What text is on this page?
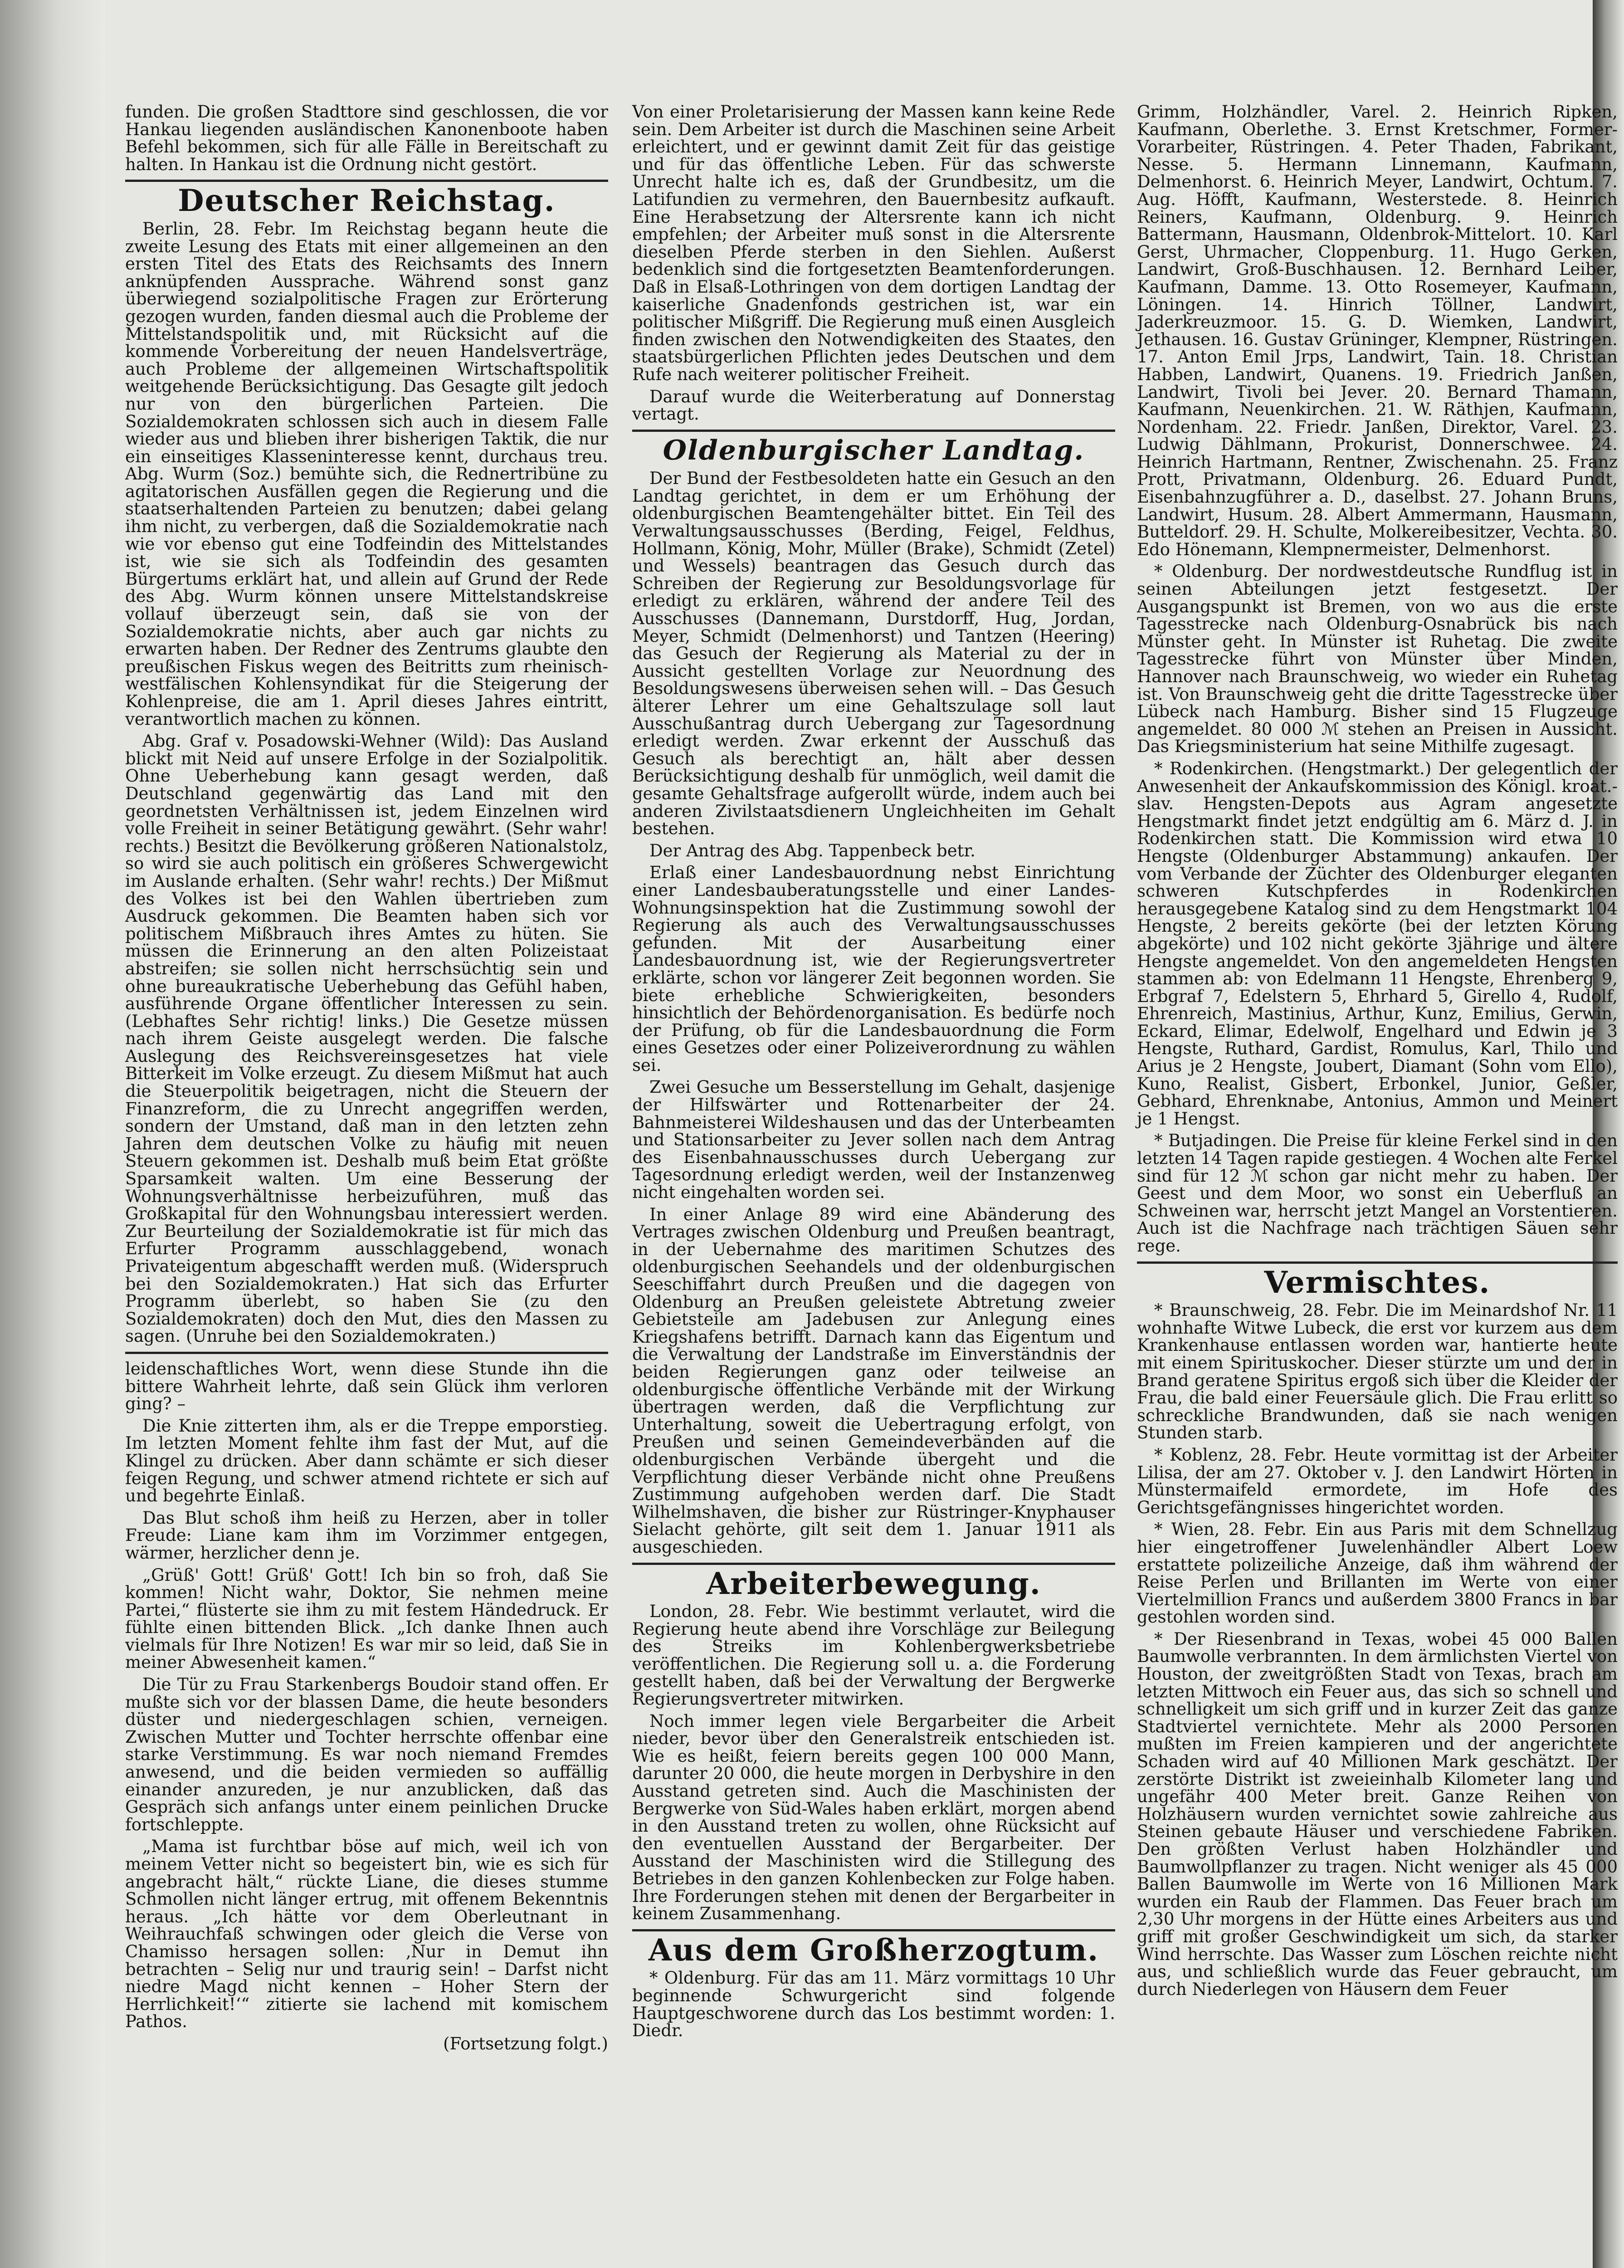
funden. Die großen Stadttore sind geschlossen, die vor Hankau liegenden ausländischen Kanonenboote haben Befehl bekommen, sich für alle Fälle in Bereitschaft zu halten. In Hankau ist die Ordnung nicht gestört.

Deutscher Reichstag.

Berlin, 28. Febr. Im Reichstag begann heute die zweite Lesung des Etats mit einer allgemeinen an den ersten Titel des Etats des Reichsamts des Innern anknüpfenden Aussprache. Während sonst ganz überwiegend sozialpolitische Fragen zur Erörterung gezogen wurden, fanden diesmal auch die Probleme der Mittelstandspolitik und, mit Rücksicht auf die kommende Vorbereitung der neuen Handelsverträge, auch Probleme der allgemeinen Wirtschaftspolitik weitgehende Berücksichtigung. Das Gesagte gilt jedoch nur von den bürgerlichen Parteien. Die Sozialdemokraten schlossen sich auch in diesem Falle wieder aus und blieben ihrer bisherigen Taktik, die nur ein einseitiges Klasseninteresse kennt, durchaus treu. Abg. Wurm (Soz.) bemühte sich, die Rednertribüne zu agitatorischen Ausfällen gegen die Regierung und die staatserhaltenden Parteien zu benutzen; dabei gelang ihm nicht, zu verbergen, daß die Sozialdemokratie nach wie vor ebenso gut eine Todfeindin des Mittelstandes ist, wie sie sich als Todfeindin des gesamten Bürgertums erklärt hat, und allein auf Grund der Rede des Abg. Wurm können unsere Mittelstandskreise vollauf überzeugt sein, daß sie von der Sozialdemokratie nichts, aber auch gar nichts zu erwarten haben. Der Redner des Zentrums glaubte den preußischen Fiskus wegen des Beitritts zum rheinisch-westfälischen Kohlensyndikat für die Steigerung der Kohlenpreise, die am 1. April dieses Jahres eintritt, verantwortlich machen zu können.

Abg. Graf v. Posadowski-Wehner (Wild): Das Ausland blickt mit Neid auf unsere Erfolge in der Sozialpolitik. Ohne Ueberhebung kann gesagt werden, daß Deutschland gegenwärtig das Land mit den geordnetsten Verhältnissen ist, jedem Einzelnen wird volle Freiheit in seiner Betätigung gewährt. (Sehr wahr! rechts.) Besitzt die Bevölkerung größeren Nationalstolz, so wird sie auch politisch ein größeres Schwergewicht im Auslande erhalten. (Sehr wahr! rechts.) Der Mißmut des Volkes ist bei den Wahlen übertrieben zum Ausdruck gekommen. Die Beamten haben sich vor politischem Mißbrauch ihres Amtes zu hüten. Sie müssen die Erinnerung an den alten Polizeistaat abstreifen; sie sollen nicht herrschsüchtig sein und ohne bureaukratische Ueberhebung das Gefühl haben, ausführende Organe öffentlicher Interessen zu sein. (Lebhaftes Sehr richtig! links.) Die Gesetze müssen nach ihrem Geiste ausgelegt werden. Die falsche Auslegung des Reichsvereinsgesetzes hat viele Bitterkeit im Volke erzeugt. Zu diesem Mißmut hat auch die Steuerpolitik beigetragen, nicht die Steuern der Finanzreform, die zu Unrecht angegriffen werden, sondern der Umstand, daß man in den letzten zehn Jahren dem deutschen Volke zu häufig mit neuen Steuern gekommen ist. Deshalb muß beim Etat größte Sparsamkeit walten. Um eine Besserung der Wohnungsverhältnisse herbeizuführen, muß das Großkapital für den Wohnungsbau interessiert werden. Zur Beurteilung der Sozialdemokratie ist für mich das Erfurter Programm ausschlaggebend, wonach Privateigentum abgeschafft werden muß. (Widerspruch bei den Sozialdemokraten.) Hat sich das Erfurter Programm überlebt, so haben Sie (zu den Sozialdemokraten) doch den Mut, dies den Massen zu sagen. (Unruhe bei den Sozialdemokraten.)

leidenschaftliches Wort, wenn diese Stunde ihn die bittere Wahrheit lehrte, daß sein Glück ihm verloren ging? –

Die Knie zitterten ihm, als er die Treppe emporstieg. Im letzten Moment fehlte ihm fast der Mut, auf die Klingel zu drücken. Aber dann schämte er sich dieser feigen Regung, und schwer atmend richtete er sich auf und begehrte Einlaß.

Das Blut schoß ihm heiß zu Herzen, aber in toller Freude: Liane kam ihm im Vorzimmer entgegen, wärmer, herzlicher denn je.

„Grüß' Gott! Grüß' Gott! Ich bin so froh, daß Sie kommen! Nicht wahr, Doktor, Sie nehmen meine Partei,“ flüsterte sie ihm zu mit festem Händedruck. Er fühlte einen bittenden Blick. „Ich danke Ihnen auch vielmals für Ihre Notizen! Es war mir so leid, daß Sie in meiner Abwesenheit kamen.“

Die Tür zu Frau Starkenbergs Boudoir stand offen. Er mußte sich vor der blassen Dame, die heute besonders düster und niedergeschlagen schien, verneigen. Zwischen Mutter und Tochter herrschte offenbar eine starke Verstimmung. Es war noch niemand Fremdes anwesend, und die beiden vermieden so auffällig einander anzureden, je nur anzublicken, daß das Gespräch sich anfangs unter einem peinlichen Drucke fortschleppte.

„Mama ist furchtbar böse auf mich, weil ich von meinem Vetter nicht so begeistert bin, wie es sich für angebracht hält,“ rückte Liane, die dieses stumme Schmollen nicht länger ertrug, mit offenem Bekenntnis heraus. „Ich hätte vor dem Oberleutnant in Weihrauchfaß schwingen oder gleich die Verse von Chamisso hersagen sollen: ‚Nur in Demut ihn betrachten – Selig nur und traurig sein! – Darfst nicht niedre Magd nicht kennen – Hoher Stern der Herrlichkeit!‘“ zitierte sie lachend mit komischem Pathos.

(Fortsetzung folgt.)

Von einer Proletarisierung der Massen kann keine Rede sein. Dem Arbeiter ist durch die Maschinen seine Arbeit erleichtert, und er gewinnt damit Zeit für das geistige und für das öffentliche Leben. Für das schwerste Unrecht halte ich es, daß der Grundbesitz, um die Latifundien zu vermehren, den Bauernbesitz aufkauft. Eine Herabsetzung der Altersrente kann ich nicht empfehlen; der Arbeiter muß sonst in die Altersrente dieselben Pferde sterben in den Siehlen. Außerst bedenklich sind die fortgesetzten Beamtenforderungen. Daß in Elsaß-Lothringen von dem dortigen Landtag der kaiserliche Gnadenfonds gestrichen ist, war ein politischer Mißgriff. Die Regierung muß einen Ausgleich finden zwischen den Notwendigkeiten des Staates, den staatsbürgerlichen Pflichten jedes Deutschen und dem Rufe nach weiterer politischer Freiheit.

Darauf wurde die Weiterberatung auf Donnerstag vertagt.

Oldenburgischer Landtag.

Der Bund der Festbesoldeten hatte ein Gesuch an den Landtag gerichtet, in dem er um Erhöhung der oldenburgischen Beamtengehälter bittet. Ein Teil des Verwaltungsausschusses (Berding, Feigel, Feldhus, Hollmann, König, Mohr, Müller (Brake), Schmidt (Zetel) und Wessels) beantragen das Gesuch durch das Schreiben der Regierung zur Besoldungsvorlage für erledigt zu erklären, während der andere Teil des Ausschusses (Dannemann, Durstdorff, Hug, Jordan, Meyer, Schmidt (Delmenhorst) und Tantzen (Heering) das Gesuch der Regierung als Material zu der in Aussicht gestellten Vorlage zur Neuordnung des Besoldungswesens überweisen sehen will. – Das Gesuch älterer Lehrer um eine Gehaltszulage soll laut Ausschußantrag durch Uebergang zur Tagesordnung erledigt werden. Zwar erkennt der Ausschuß das Gesuch als berechtigt an, hält aber dessen Berücksichtigung deshalb für unmöglich, weil damit die gesamte Gehaltsfrage aufgerollt würde, indem auch bei anderen Zivilstaatsdienern Ungleichheiten im Gehalt bestehen.

Der Antrag des Abg. Tappenbeck betr.

Erlaß einer Landesbauordnung nebst Einrichtung einer Landesbauberatungsstelle und einer Landes-Wohnungsinspektion hat die Zustimmung sowohl der Regierung als auch des Verwaltungsausschusses gefunden. Mit der Ausarbeitung einer Landesbauordnung ist, wie der Regierungsvertreter erklärte, schon vor längerer Zeit begonnen worden. Sie biete erhebliche Schwierigkeiten, besonders hinsichtlich der Behördenorganisation. Es bedürfe noch der Prüfung, ob für die Landesbauordnung die Form eines Gesetzes oder einer Polizeiverordnung zu wählen sei.

Zwei Gesuche um Besserstellung im Gehalt, dasjenige der Hilfswärter und Rottenarbeiter der 24. Bahnmeisterei Wildeshausen und das der Unterbeamten und Stationsarbeiter zu Jever sollen nach dem Antrag des Eisenbahnausschusses durch Uebergang zur Tagesordnung erledigt werden, weil der Instanzenweg nicht eingehalten worden sei.

In einer Anlage 89 wird eine Abänderung des Vertrages zwischen Oldenburg und Preußen beantragt, in der Uebernahme des maritimen Schutzes des oldenburgischen Seehandels und der oldenburgischen Seeschiffahrt durch Preußen und die dagegen von Oldenburg an Preußen geleistete Abtretung zweier Gebietsteile am Jadebusen zur Anlegung eines Kriegshafens betrifft. Darnach kann das Eigentum und die Verwaltung der Landstraße im Einverständnis der beiden Regierungen ganz oder teilweise an oldenburgische öffentliche Verbände mit der Wirkung übertragen werden, daß die Verpflichtung zur Unterhaltung, soweit die Uebertragung erfolgt, von Preußen und seinen Gemeindeverbänden auf die oldenburgischen Verbände übergeht und die Verpflichtung dieser Verbände nicht ohne Preußens Zustimmung aufgehoben werden darf. Die Stadt Wilhelmshaven, die bisher zur Rüstringer-Knyphauser Sielacht gehörte, gilt seit dem 1. Januar 1911 als ausgeschieden.

Arbeiterbewegung.

London, 28. Febr. Wie bestimmt verlautet, wird die Regierung heute abend ihre Vorschläge zur Beilegung des Streiks im Kohlenbergwerksbetriebe veröffentlichen. Die Regierung soll u. a. die Forderung gestellt haben, daß bei der Verwaltung der Bergwerke Regierungsvertreter mitwirken.

Noch immer legen viele Bergarbeiter die Arbeit nieder, bevor über den Generalstreik entschieden ist. Wie es heißt, feiern bereits gegen 100 000 Mann, darunter 20 000, die heute morgen in Derbyshire in den Ausstand getreten sind. Auch die Maschinisten der Bergwerke von Süd-Wales haben erklärt, morgen abend in den Ausstand treten zu wollen, ohne Rücksicht auf den eventuellen Ausstand der Bergarbeiter. Der Ausstand der Maschinisten wird die Stillegung des Betriebes in den ganzen Kohlenbecken zur Folge haben. Ihre Forderungen stehen mit denen der Bergarbeiter in keinem Zusammenhang.

Aus dem Großherzogtum.

* Oldenburg. Für das am 11. März vormittags 10 Uhr beginnende Schwurgericht sind folgende Hauptgeschworene durch das Los bestimmt worden: 1. Diedr.

Grimm, Holzhändler, Varel. 2. Heinrich Ripken, Kaufmann, Oberlethe. 3. Ernst Kretschmer, Former-Vorarbeiter, Rüstringen. 4. Peter Thaden, Fabrikant, Nesse. 5. Hermann Linnemann, Kaufmann, Delmenhorst. 6. Heinrich Meyer, Landwirt, Ochtum. 7. Aug. Höfft, Kaufmann, Westerstede. 8. Heinrich Reiners, Kaufmann, Oldenburg. 9. Heinrich Battermann, Hausmann, Oldenbrok-Mittelort. 10. Karl Gerst, Uhrmacher, Cloppenburg. 11. Hugo Gerken, Landwirt, Groß-Buschhausen. 12. Bernhard Leiber, Kaufmann, Damme. 13. Otto Rosemeyer, Kaufmann, Löningen. 14. Hinrich Töllner, Landwirt, Jaderkreuzmoor. 15. G. D. Wiemken, Landwirt, Jethausen. 16. Gustav Grüninger, Klempner, Rüstringen. 17. Anton Emil Jrps, Landwirt, Tain. 18. Christian Habben, Landwirt, Quanens. 19. Friedrich Janßen, Landwirt, Tivoli bei Jever. 20. Bernard Thamann, Kaufmann, Neuenkirchen. 21. W. Räthjen, Kaufmann, Nordenham. 22. Friedr. Janßen, Direktor, Varel. 23. Ludwig Dählmann, Prokurist, Donnerschwee. 24. Heinrich Hartmann, Rentner, Zwischenahn. 25. Franz Prott, Privatmann, Oldenburg. 26. Eduard Pundt, Eisenbahnzugführer a. D., daselbst. 27. Johann Bruns, Landwirt, Husum. 28. Albert Ammermann, Hausmann, Butteldorf. 29. H. Schulte, Molkereibesitzer, Vechta. 30. Edo Hönemann, Klempnermeister, Delmenhorst.

* Oldenburg. Der nordwestdeutsche Rundflug ist in seinen Abteilungen jetzt festgesetzt. Der Ausgangspunkt ist Bremen, von wo aus die erste Tagesstrecke nach Oldenburg-Osnabrück bis nach Münster geht. In Münster ist Ruhetag. Die zweite Tagesstrecke führt von Münster über Minden, Hannover nach Braunschweig, wo wieder ein Ruhetag ist. Von Braunschweig geht die dritte Tagesstrecke über Lübeck nach Hamburg. Bisher sind 15 Flugzeuge angemeldet. 80 000 ℳ stehen an Preisen in Aussicht. Das Kriegsministerium hat seine Mithilfe zugesagt.

* Rodenkirchen. (Hengstmarkt.) Der gelegentlich der Anwesenheit der Ankaufskommission des Königl. kroat.-slav. Hengsten-Depots aus Agram angesetzte Hengstmarkt findet jetzt endgültig am 6. März d. J. in Rodenkirchen statt. Die Kommission wird etwa 10 Hengste (Oldenburger Abstammung) ankaufen. Der vom Verbande der Züchter des Oldenburger eleganten schweren Kutschpferdes in Rodenkirchen herausgegebene Katalog sind zu dem Hengstmarkt 104 Hengste, 2 bereits gekörte (bei der letzten Körung abgekörte) und 102 nicht gekörte 3jährige und ältere Hengste angemeldet. Von den angemeldeten Hengsten stammen ab: von Edelmann 11 Hengste, Ehrenberg 9, Erbgraf 7, Edelstern 5, Ehrhard 5, Girello 4, Rudolf, Ehrenreich, Mastinius, Arthur, Kunz, Emilius, Gerwin, Eckard, Elimar, Edelwolf, Engelhard und Edwin je 3 Hengste, Ruthard, Gardist, Romulus, Karl, Thilo und Arius je 2 Hengste, Joubert, Diamant (Sohn vom Ello), Kuno, Realist, Gisbert, Erbonkel, Junior, Geßler, Gebhard, Ehrenknabe, Antonius, Ammon und Meinert je 1 Hengst.

* Butjadingen. Die Preise für kleine Ferkel sind in den letzten 14 Tagen rapide gestiegen. 4 Wochen alte Ferkel sind für 12 ℳ schon gar nicht mehr zu haben. Der Geest und dem Moor, wo sonst ein Ueberfluß an Schweinen war, herrscht jetzt Mangel an Vorstentieren. Auch ist die Nachfrage nach trächtigen Säuen sehr rege.

Vermischtes.

* Braunschweig, 28. Febr. Die im Meinardshof Nr. 11 wohnhafte Witwe Lubeck, die erst vor kurzem aus dem Krankenhause entlassen worden war, hantierte heute mit einem Spirituskocher. Dieser stürzte um und der in Brand geratene Spiritus ergoß sich über die Kleider der Frau, die bald einer Feuersäule glich. Die Frau erlitt so schreckliche Brandwunden, daß sie nach wenigen Stunden starb.

* Koblenz, 28. Febr. Heute vormittag ist der Arbeiter Lilisa, der am 27. Oktober v. J. den Landwirt Hörten in Münstermaifeld ermordete, im Hofe des Gerichtsgefängnisses hingerichtet worden.

* Wien, 28. Febr. Ein aus Paris mit dem Schnellzug hier eingetroffener Juwelenhändler Albert Loew erstattete polizeiliche Anzeige, daß ihm während der Reise Perlen und Brillanten im Werte von einer Viertelmillion Francs und außerdem 3800 Francs in bar gestohlen worden sind.

* Der Riesenbrand in Texas, wobei 45 000 Ballen Baumwolle verbrannten. In dem ärmlichsten Viertel von Houston, der zweitgrößten Stadt von Texas, brach am letzten Mittwoch ein Feuer aus, das sich so schnell und schnelligkeit um sich griff und in kurzer Zeit das ganze Stadtviertel vernichtete. Mehr als 2000 Personen mußten im Freien kampieren und der angerichtete Schaden wird auf 40 Millionen Mark geschätzt. Der zerstörte Distrikt ist zweieinhalb Kilometer lang und ungefähr 400 Meter breit. Ganze Reihen von Holzhäusern wurden vernichtet sowie zahlreiche aus Steinen gebaute Häuser und verschiedene Fabriken. Den größten Verlust haben Holzhändler und Baumwollpflanzer zu tragen. Nicht weniger als 45 000 Ballen Baumwolle im Werte von 16 Millionen Mark wurden ein Raub der Flammen. Das Feuer brach um 2,30 Uhr morgens in der Hütte eines Arbeiters aus und griff mit großer Geschwindigkeit um sich, da starker Wind herrschte. Das Wasser zum Löschen reichte nicht aus, und schließlich wurde das Feuer gebraucht, um durch Niederlegen von Häusern dem Feuer
